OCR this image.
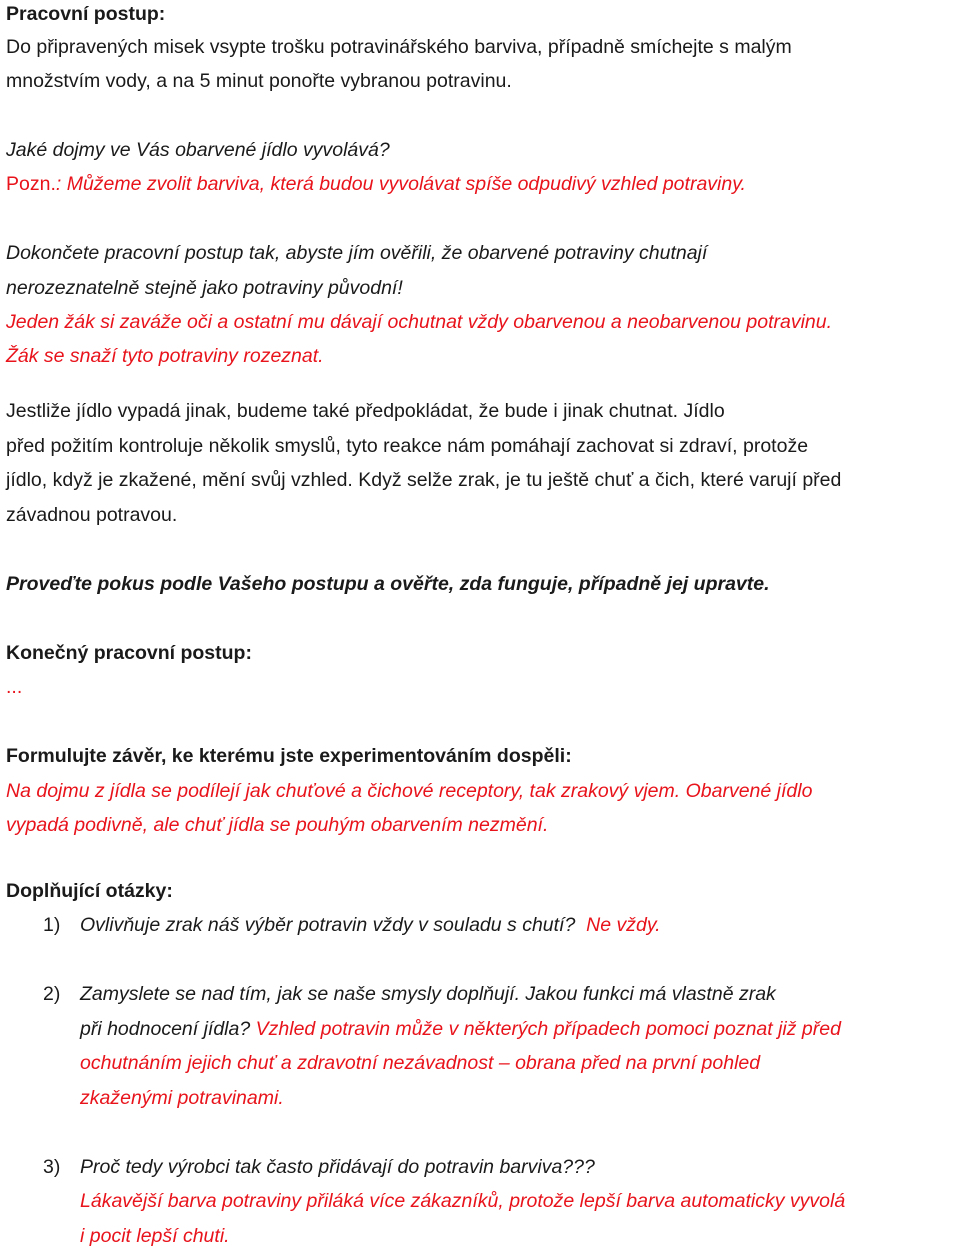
Pracovní postup:
Do připravených misek vsypte trošku potravinářského barviva, případně smíchejte s malým
množstvím vody, a na 5 minut ponořte vybranou potravinu.
Jaké dojmy ve Vás obarvené jídlo vyvolává?
Pozn.: Můžeme zvolit barviva, která budou vyvolávat spíše odpudivý vzhled potraviny.
Dokončete pracovní postup tak, abyste jím ověřili, že obarvené potraviny chutnají
nerozeznatelně stejně jako potraviny původní!
Jeden žák si zaváže oči a ostatní mu dávají ochutnat vždy obarvenou a neobarvenou potravinu.
Žák se snaží tyto potraviny rozeznat.
Jestliže jídlo vypadá jinak, budeme také předpokládat, že bude i jinak chutnat. Jídlo
před požitím kontroluje několik smyslů, tyto reakce nám pomáhají zachovat si zdraví, protože
jídlo, když je zkažené, mění svůj vzhled. Když selže zrak, je tu ještě chuť a čich, které varují před
závadnou potravou.
Proveďte pokus podle Vašeho postupu a ověřte, zda funguje, případně jej upravte.
Konečný pracovní postup:
...
Formulujte závěr, ke kterému jste experimentováním dospěli:
Na dojmu z jídla se podílejí jak chuťové a čichové receptory, tak zrakový vjem. Obarvené jídlo
vypadá podivně, ale chuť jídla se pouhým obarvením nezmění.
Doplňující otázky:
1) Ovlivňuje zrak náš výběr potravin vždy v souladu s chutí? Ne vždy.
2) Zamyslete se nad tím, jak se naše smysly doplňují. Jakou funkci má vlastně zrak
při hodnocení jídla? Vzhled potravin může v některých případech pomoci poznat již před
ochutnáním jejich chuť a zdravotní nezávadnost – obrana před na první pohled
zkaženými potravinami.
3) Proč tedy výrobci tak často přidávají do potravin barviva???
Lákavější barva potraviny přiláká více zákazníků, protože lepší barva automaticky vyvolá
i pocit lepší chuti.
